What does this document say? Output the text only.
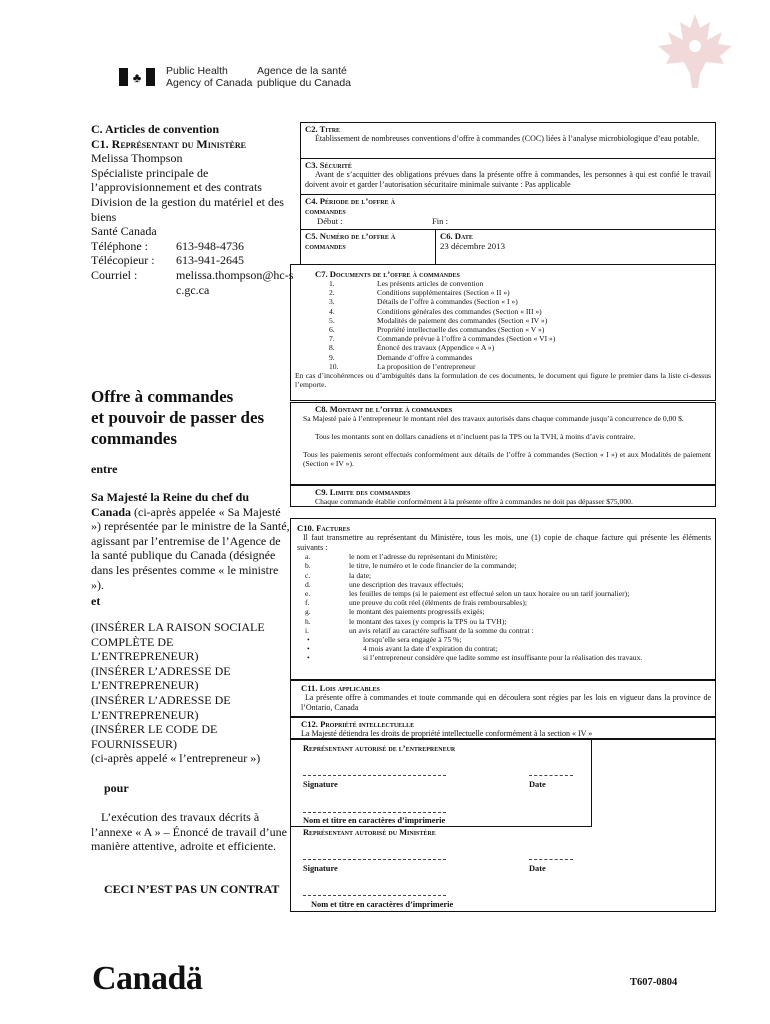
♣	Public Health
Agency of Canada
Agence de la santé
publique du Canada
C. Articles de convention
C1. Représentant du Ministère
Melissa Thompson
Spécialiste principale de
l’approvisionnement et des contrats
Division de la gestion du matériel et des
biens
Santé Canada
Téléphone :	613-948-4736
Télécopieur :	613-941-2645
Courriel :	melissa.thompson@hc-sc.gc.ca
Offre à commandes
et pouvoir de passer des
commandes
entre
Sa Majesté la Reine du chef du Canada (ci-après appelée « Sa Majesté ») représentée par le ministre de la Santé, agissant par l’entremise de l’Agence de la santé publique du Canada (désignée dans les présentes comme « le ministre »).
et
(INSÉRER LA RAISON SOCIALE
COMPLÈTE DE
L’ENTREPRENEUR)
(INSÉRER L’ADRESSE DE
L’ENTREPRENEUR)
(INSÉRER L’ADRESSE DE
L’ENTREPRENEUR)
(INSÉRER LE CODE DE
FOURNISSEUR)
(ci-après appelé « l’entrepreneur »)
pour
L’exécution des travaux décrits à
l’annexe « A » – Énoncé de travail d’une
manière attentive, adroite et efficiente.
CECI N’EST PAS UN CONTRAT
C2. Titre
Établissement de nombreuses conventions d’offre à commandes (COC) liées à l’analyse microbiologique d’eau potable.
C3. Sécurité
Avant de s’acquitter des obligations prévues dans la présente offre à commandes, les personnes à qui est confié le travail doivent avoir et garder l’autorisation sécuritaire minimale suivante : Pas applicable
C4. Période de l’offre à commandes
Début :	Fin :
C5. Numéro de l’offre à commandes
C6. Date
23 décembre 2013
C7. Documents de l’offre à commandes
1.	Les présents articles de convention
2.	Conditions supplémentaires (Section « II »)
3.	Détails de l’offre à commandes (Section « I »)
4.	Conditions générales des commandes (Section « III »)
5.	Modalités de paiement des commandes (Section « IV »)
6.	Propriété intellectuelle des commandes (Section « V »)
7.	Commande prévue à l’offre à commandes (Section « VI »)
8.	Énoncé des travaux (Appendice « A »)
9.	Demande d’offre à commandes
10.	La proposition de l’entrepreneur
En cas d’incohérences ou d’ambiguïtés dans la formulation de ces documents, le document qui figure le premier dans la liste ci-dessus l’emporte.
C8. Montant de l’offre à commandes
Sa Majesté paie à l’entrepreneur le montant réel des travaux autorisés dans chaque commande jusqu’à concurrence de 0,00 $.
Tous les montants sont en dollars canadiens et n’incluent pas la TPS ou la TVH, à moins d’avis contraire.
Tous les paiements seront effectués conformément aux détails de l’offre à commandes (Section « I ») et aux Modalités de paiement (Section « IV »).
C9. Limite des commandes
Chaque commande établie conformément à la présente offre à commandes ne doit pas dépasser $75,000.
C10. Factures
Il faut transmettre au représentant du Ministère, tous les mois, une (1) copie de chaque facture qui présente les éléments suivants :
a.	le nom et l’adresse du représentant du Ministère;
b.	le titre, le numéro et le code financier de la commande;
c.	la date;
d.	une description des travaux effectués;
e.	les feuilles de temps (si le paiement est effectué selon un taux horaire ou un tarif journalier);
f.	une preuve du coût réel (éléments de frais remboursables);
g.	le montant des paiements progressifs exigés;
h.	le montant des taxes (y compris la TPS ou la TVH);
i.	un avis relatif au caractère suffisant de la somme du contrat :
•	lorsqu’elle sera engagée à 75 %;
•	4 mois avant la date d’expiration du contrat;
•	si l’entrepreneur considère que ladite somme est insuffisante pour la réalisation des travaux.
C11. Lois applicables
La présente offre à commandes et toute commande qui en découlera sont régies par les lois en vigueur dans la province de l’Ontario, Canada
C12. Propriété intellectuelle
La Majesté détiendra les droits de propriété intellectuelle conformément à la section « IV »
Représentant autorisé de l’entrepreneur
Signature	Date
Nom et titre en caractères d’imprimerie
Représentant autorisé du Ministère
Signature	Date
Nom et titre en caractères d’imprimerie
Canadä	T607-0804
